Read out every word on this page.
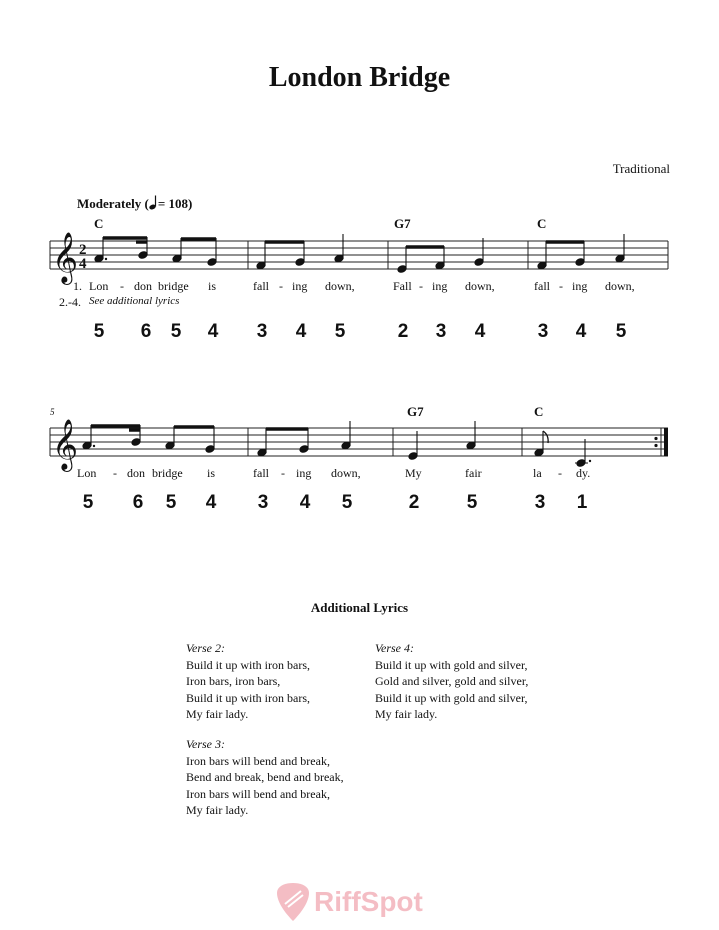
London Bridge
Traditional
Moderately ( = 108)
C	G7	C
𝄞 2
4
1. Lon - don bridge is	fall - ing down,	Fall - ing down,	fall - ing down,
2.-4. See additional lyrics
5 6 5 4 3 4 5	2 3 4	3 4 5
5	G7	C
𝄞
Lon - don bridge is	fall - ing down,	My	fair	la - dy.
5 6 5 4 3 4 5	2 5	3 1
Additional Lyrics
Verse 2:
Build it up with iron bars,
Iron bars, iron bars,
Build it up with iron bars,
My fair lady.
Verse 3:
Iron bars will bend and break,
Bend and break, bend and break,
Iron bars will bend and break,
My fair lady.
Verse 4:
Build it up with gold and silver,
Gold and silver, gold and silver,
Build it up with gold and silver,
My fair lady.
RiffSpot
